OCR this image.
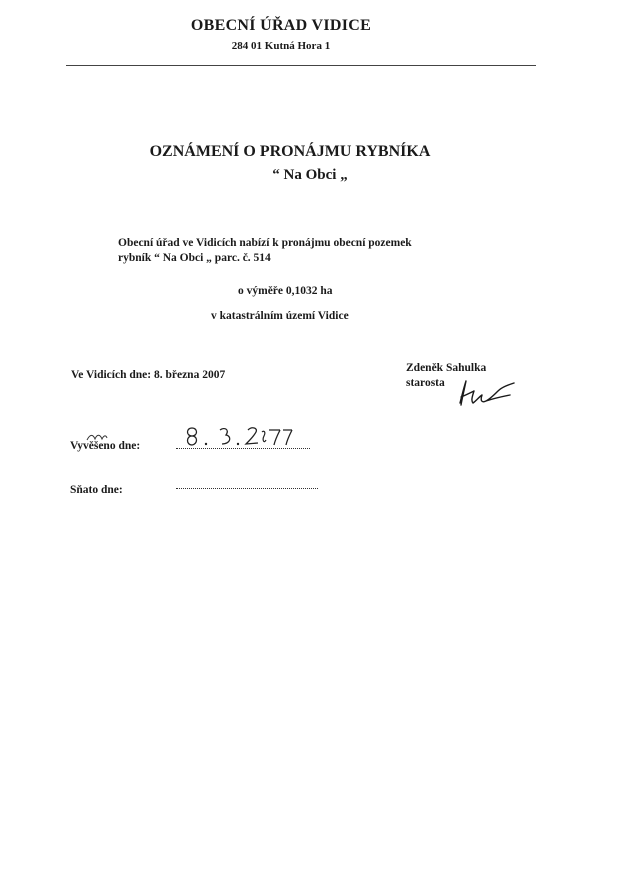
OBECNÍ ÚŘAD VIDICE
284 01 Kutná Hora 1
OZNÁMENÍ O PRONÁJMU RYBNÍKA
“ Na Obci „
Obecní úřad ve Vidicích nabízí k pronájmu obecní pozemek
rybník “ Na Obci „ parc. č. 514
o výměře 0,1032 ha
v katastrálním území Vidice
Ve Vidicích dne: 8. března 2007
Zdeněk Sahulka
starosta
Vyvěšeno dne:
Sňato dne:
